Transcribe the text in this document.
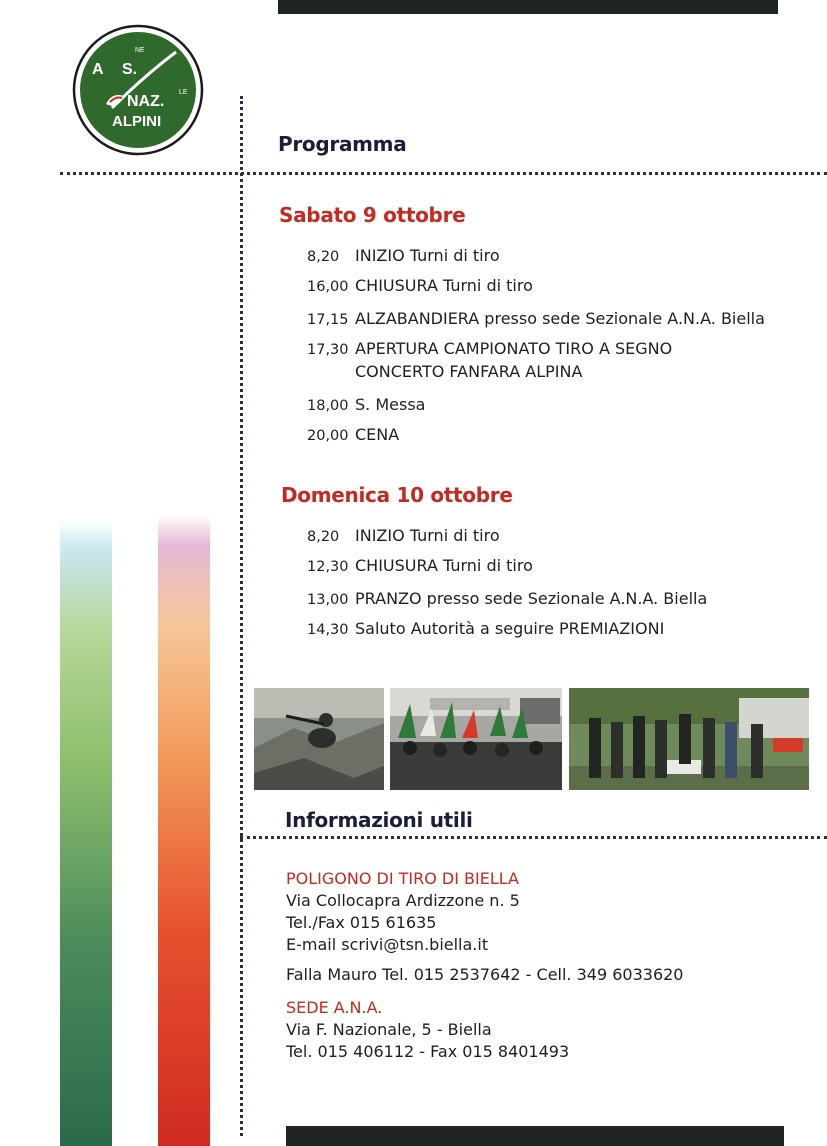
A S.
NE
NAZ.
LE
ALPINI
Programma
Sabato 9 ottobre
8,20 INIZIO Turni di tiro
16,00 CHIUSURA Turni di tiro
17,15 ALZABANDIERA presso sede Sezionale A.N.A. Biella
17,30 APERTURA CAMPIONATO TIRO A SEGNO
CONCERTO FANFARA ALPINA
18,00 S. Messa
20,00 CENA
Domenica 10 ottobre
8,20 INIZIO Turni di tiro
12,30 CHIUSURA Turni di tiro
13,00 PRANZO presso sede Sezionale A.N.A. Biella
14,30 Saluto Autorità a seguire PREMIAZIONI
Informazioni utili
POLIGONO DI TIRO DI BIELLA
Via Collocapra Ardizzone n. 5
Tel./Fax 015 61635
E-mail scrivi@tsn.biella.it
Falla Mauro Tel. 015 2537642 - Cell. 349 6033620
SEDE A.N.A.
Via F. Nazionale, 5 - Biella
Tel. 015 406112 - Fax 015 8401493
